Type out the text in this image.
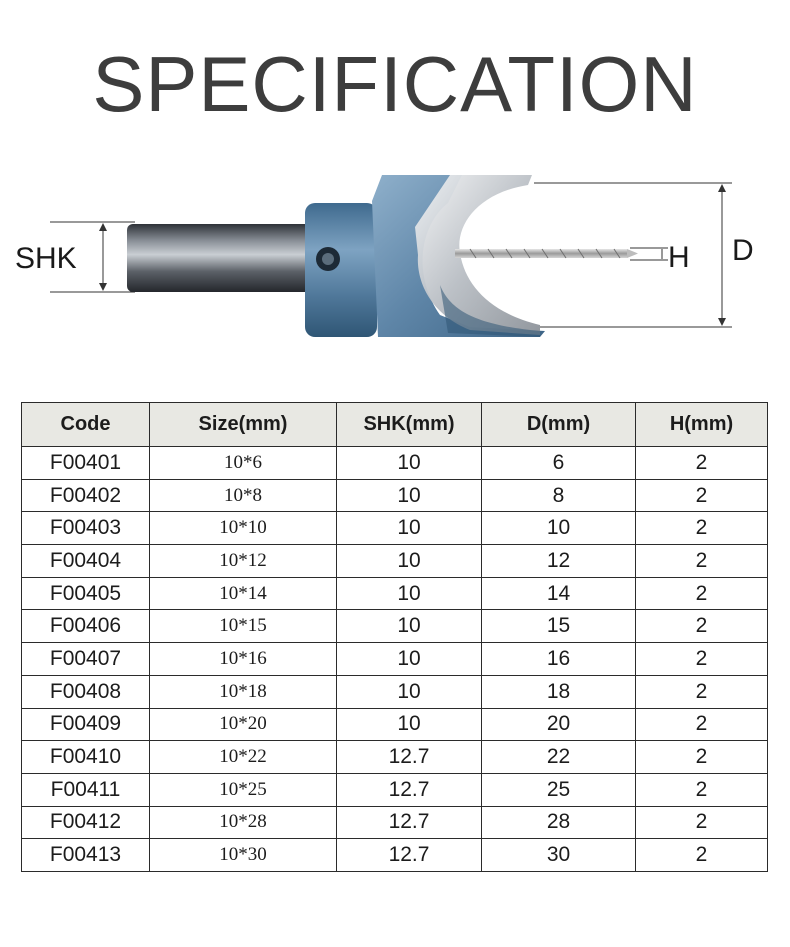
SPECIFICATION
SHK	H D
Code	Size(mm)	SHK(mm)	D(mm)	H(mm)
F00401	10*6	10	6	2
F00402	10*8	10	8	2
F00403	10*10	10	10	2
F00404	10*12	10	12	2
F00405	10*14	10	14	2
F00406	10*15	10	15	2
F00407	10*16	10	16	2
F00408	10*18	10	18	2
F00409	10*20	10	20	2
F00410	10*22	12.7	22	2
F00411	10*25	12.7	25	2
F00412	10*28	12.7	28	2
F00413	10*30	12.7	30	2
